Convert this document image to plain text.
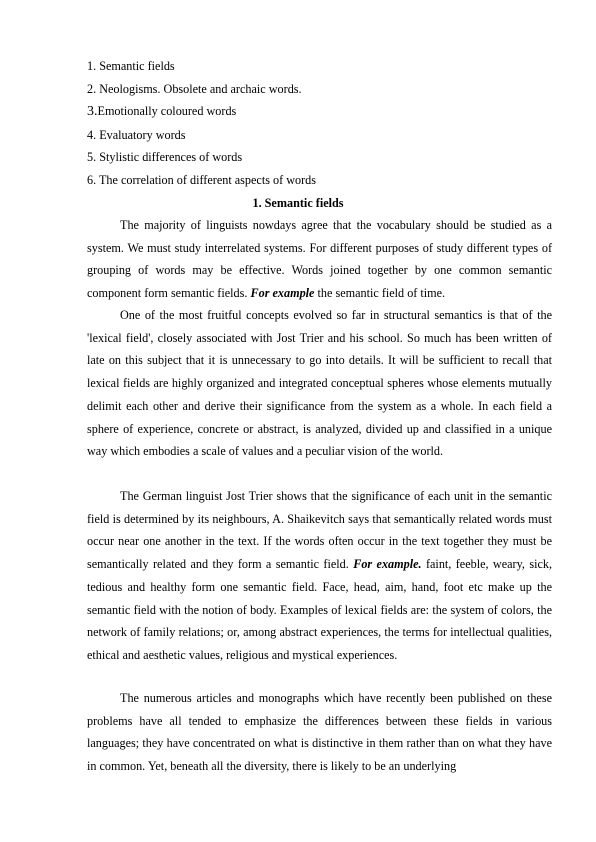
1. Semantic fields
2. Neologisms. Obsolete and archaic words.
3.Emotionally coloured words
4. Evaluatory words
5. Stylistic differences of words
6. The correlation of different aspects of words
1. Semantic fields

The majority of linguists nowdays agree that the vocabulary should be studied as a system. We must study interrelated systems. For different purposes of study different types of grouping of words may be effective. Words joined together by one common semantic component form semantic fields. For example the semantic field of time.

One of the most fruitful concepts evolved so far in structural semantics is that of the 'lexical field', closely associated with Jost Trier and his school. So much has been written of late on this subject that it is unnecessary to go into details. It will be sufficient to recall that lexical fields are highly organized and integrated conceptual spheres whose elements mutually delimit each other and derive their significance from the system as a whole. In each field a sphere of experience, concrete or abstract, is analyzed, divided up and classified in a unique way which embodies a scale of values and a peculiar vision of the world.

The German linguist Jost Trier shows that the significance of each unit in the semantic field is determined by its neighbours, A. Shaikevitch says that semantically related words must occur near one another in the text. If the words often occur in the text together they must be semantically related and they form a semantic field. For example. faint, feeble, weary, sick, tedious and healthy form one semantic field. Face, head, aim, hand, foot etc make up the semantic field with the notion of body. Examples of lexical fields are: the system of colors, the network of family relations; or, among abstract experiences, the terms for intellectual qualities, ethical and aesthetic values, religious and mystical experiences.

The numerous articles and monographs which have recently been published on these problems have all tended to emphasize the differences between these fields in various languages; they have concentrated on what is distinctive in them rather than on what they have in common. Yet, beneath all the diversity, there is likely to be an underlying
